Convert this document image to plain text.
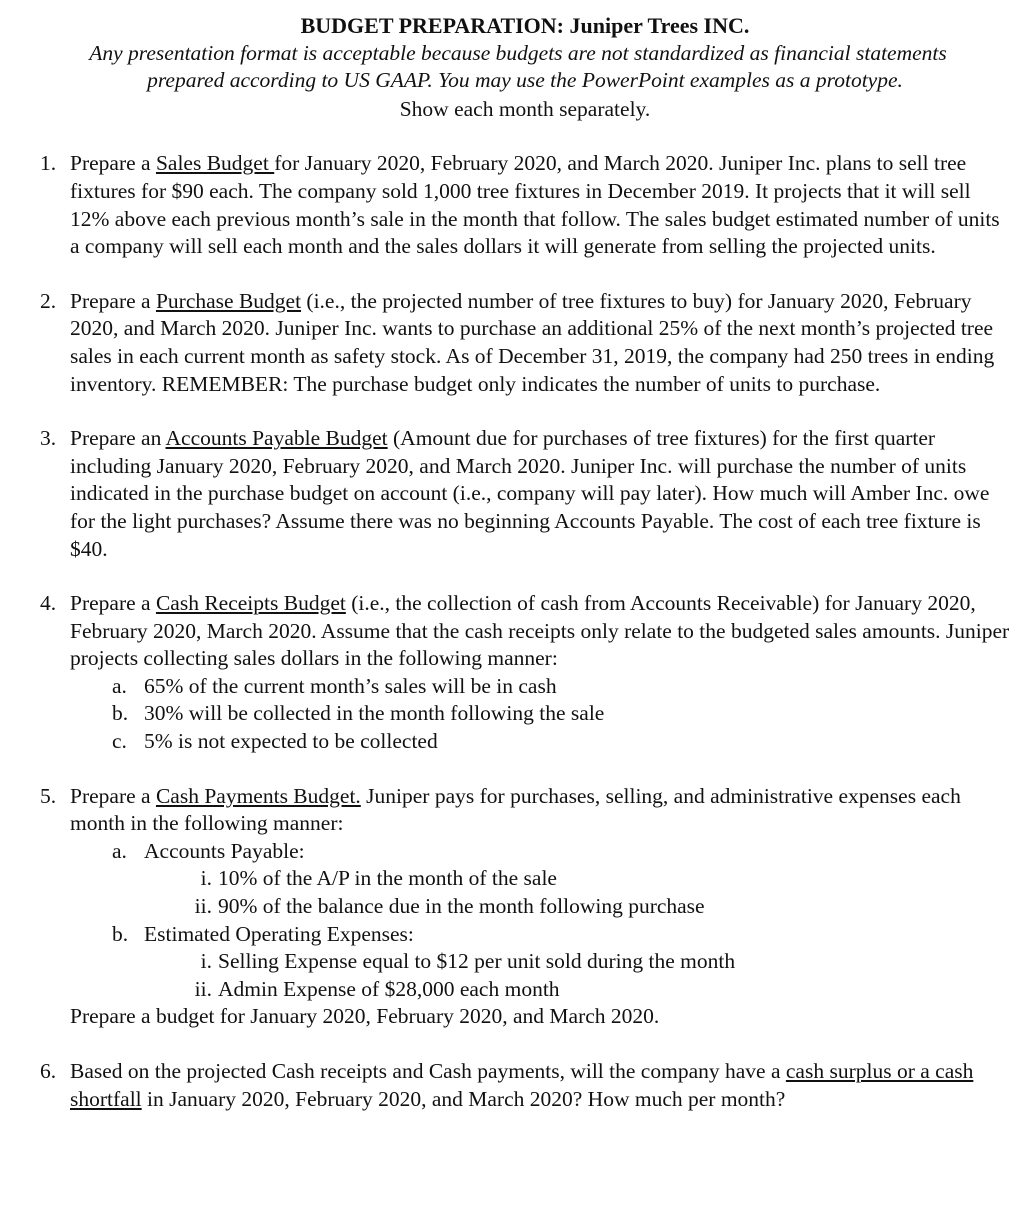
BUDGET PREPARATION: Juniper Trees INC.
Any presentation format is acceptable because budgets are not standardized as financial statements
prepared according to US GAAP. You may use the PowerPoint examples as a prototype.
Show each month separately.
1. Prepare a Sales Budget for January 2020, February 2020, and March 2020. Juniper Inc. plans to sell tree fixtures for $90 each. The company sold 1,000 tree fixtures in December 2019. It projects that it will sell 12% above each previous month’s sale in the month that follow. The sales budget estimated number of units a company will sell each month and the sales dollars it will generate from selling the projected units.
2. Prepare a Purchase Budget (i.e., the projected number of tree fixtures to buy) for January 2020, February 2020, and March 2020. Juniper Inc. wants to purchase an additional 25% of the next month’s projected tree sales in each current month as safety stock. As of December 31, 2019, the company had 250 trees in ending inventory. REMEMBER: The purchase budget only indicates the number of units to purchase.
3. Prepare an Accounts Payable Budget (Amount due for purchases of tree fixtures) for the first quarter including January 2020, February 2020, and March 2020. Juniper Inc. will purchase the number of units indicated in the purchase budget on account (i.e., company will pay later). How much will Amber Inc. owe for the light purchases? Assume there was no beginning Accounts Payable. The cost of each tree fixture is $40.
4. Prepare a Cash Receipts Budget (i.e., the collection of cash from Accounts Receivable) for January 2020, February 2020, March 2020. Assume that the cash receipts only relate to the budgeted sales amounts. Juniper projects collecting sales dollars in the following manner:
a. 65% of the current month’s sales will be in cash
b. 30% will be collected in the month following the sale
c. 5% is not expected to be collected
5. Prepare a Cash Payments Budget. Juniper pays for purchases, selling, and administrative expenses each month in the following manner:
a. Accounts Payable:
i. 10% of the A/P in the month of the sale
ii. 90% of the balance due in the month following purchase
b. Estimated Operating Expenses:
i. Selling Expense equal to $12 per unit sold during the month
ii. Admin Expense of $28,000 each month
Prepare a budget for January 2020, February 2020, and March 2020.
6. Based on the projected Cash receipts and Cash payments, will the company have a cash surplus or a cash shortfall in January 2020, February 2020, and March 2020? How much per month?
